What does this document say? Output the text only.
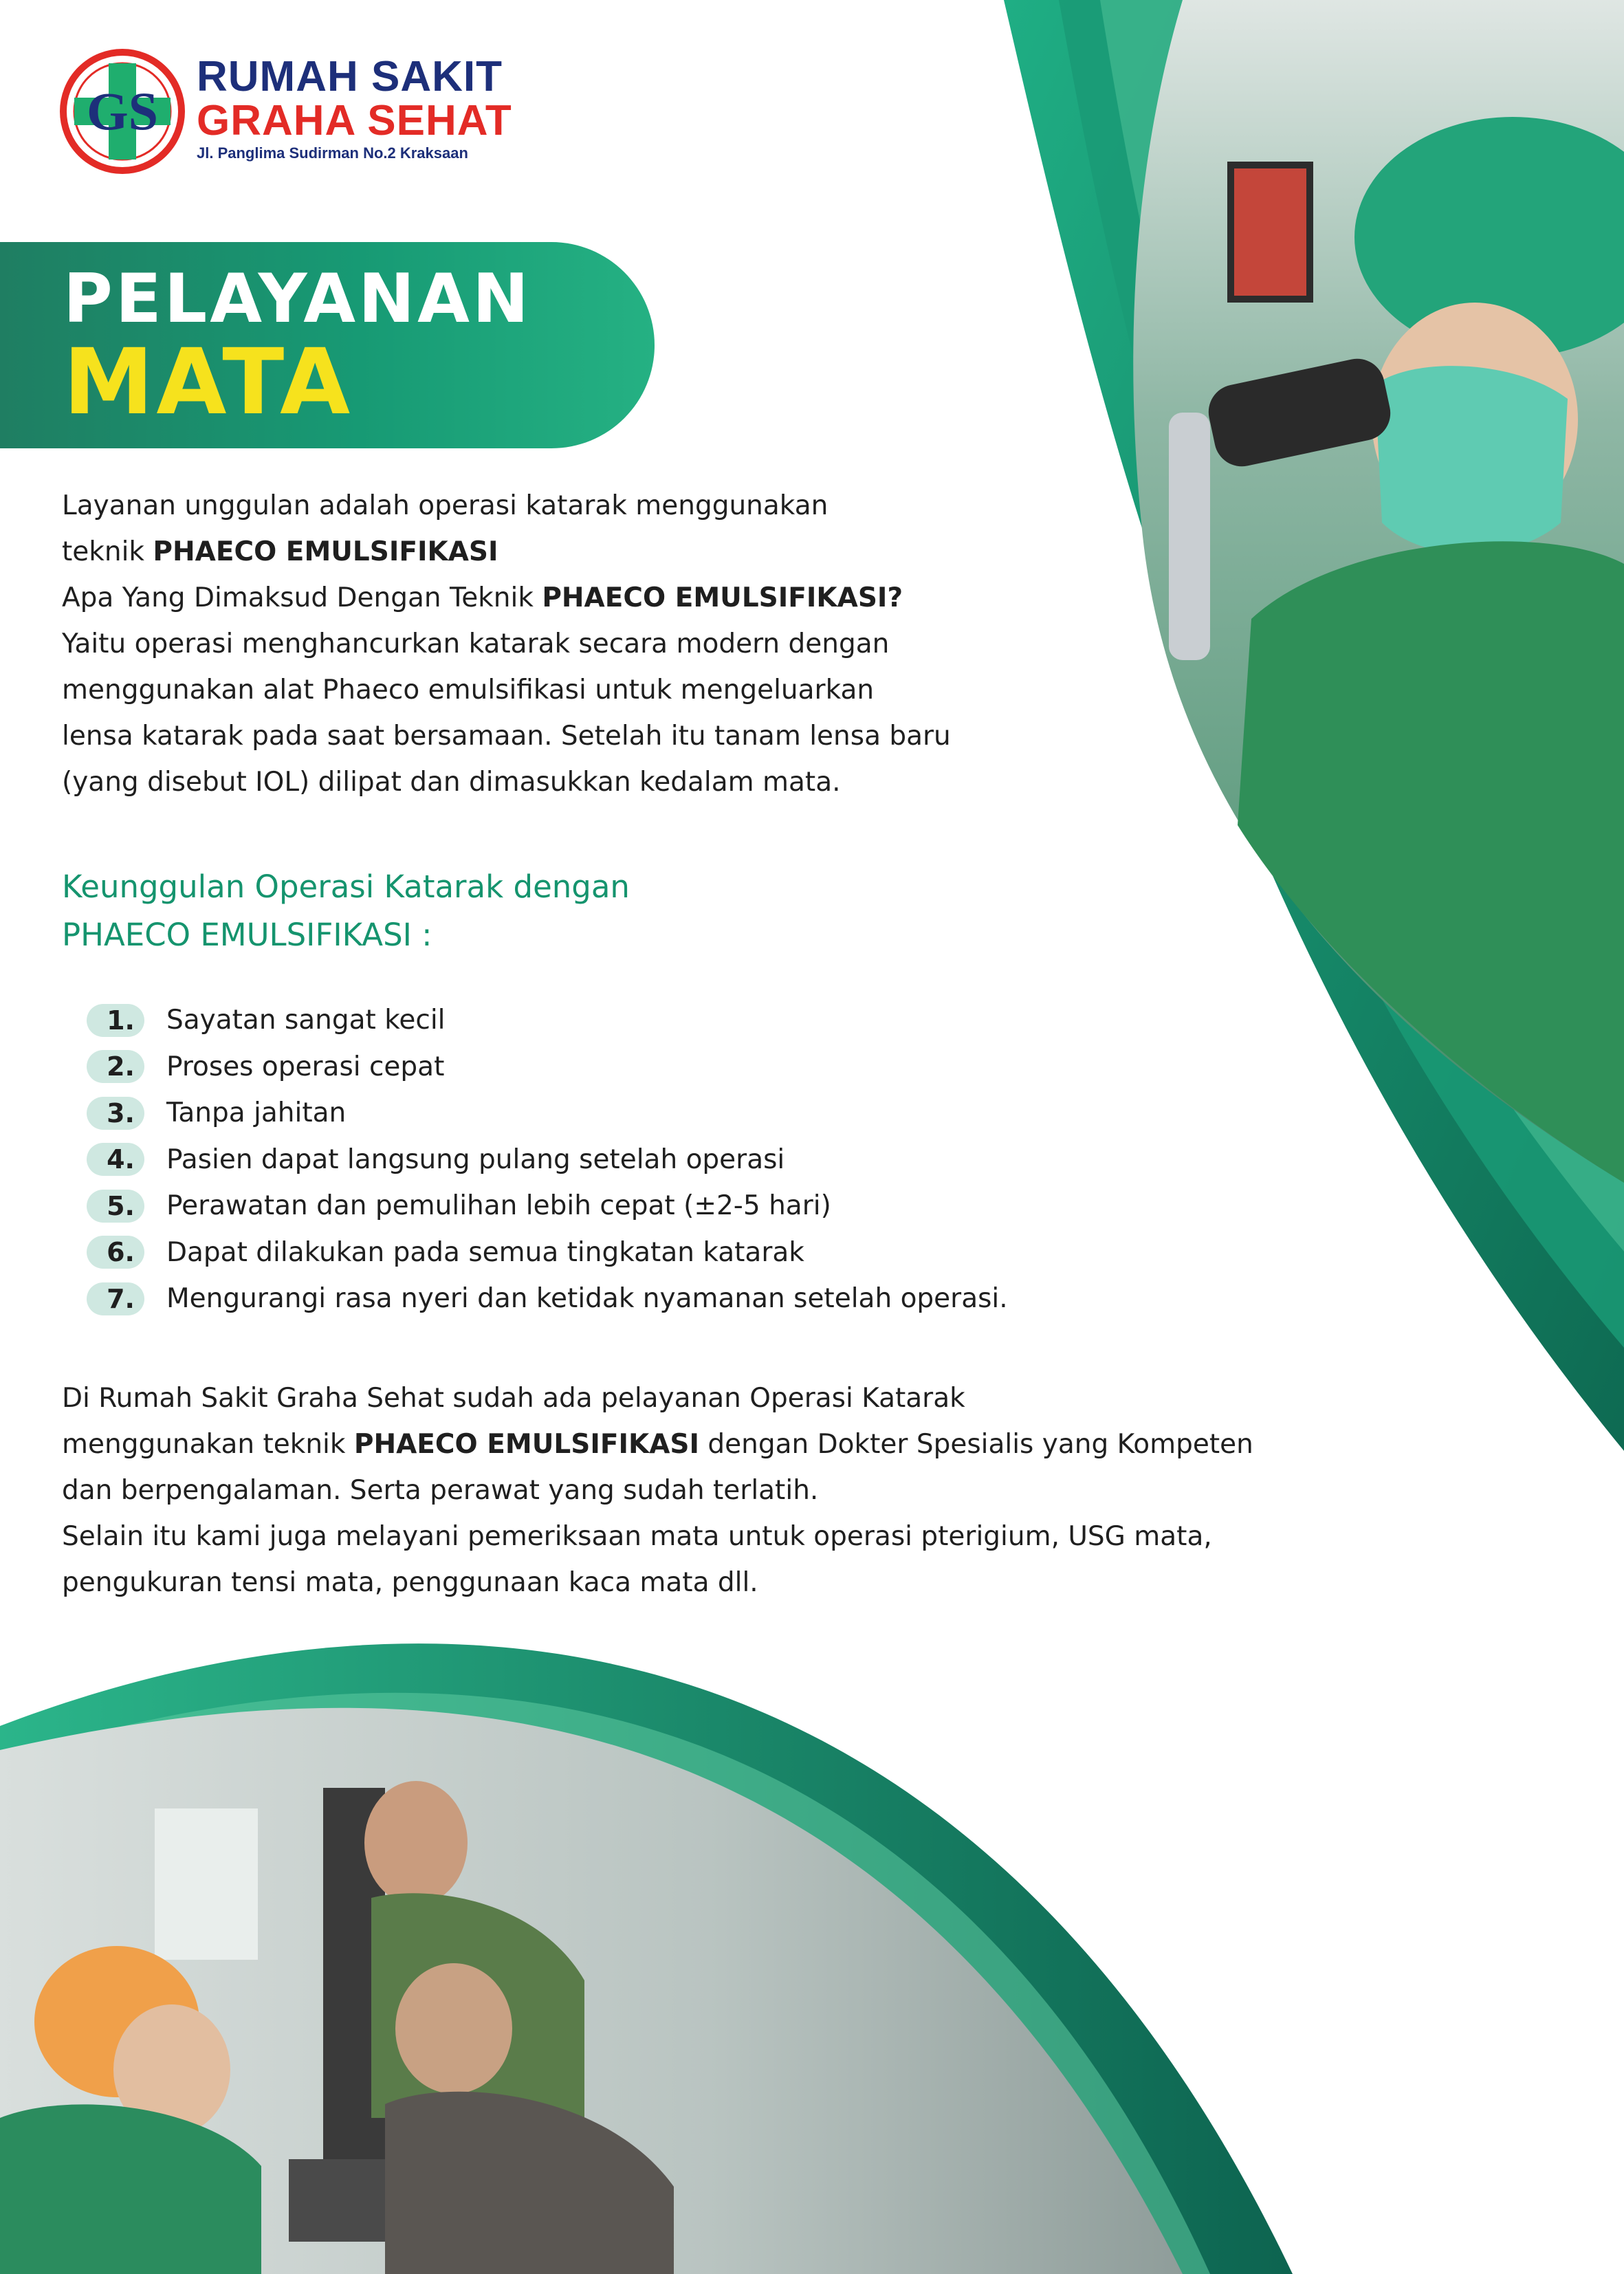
GS
RUMAH SAKIT
GRAHA SEHAT
Jl. Panglima Sudirman No.2 Kraksaan
PELAYANAN
MATA
Layanan unggulan adalah operasi katarak menggunakan
teknik PHAECO EMULSIFIKASI
Apa Yang Dimaksud Dengan Teknik PHAECO EMULSIFIKASI?
Yaitu operasi menghancurkan katarak secara modern dengan
menggunakan alat Phaeco emulsifikasi untuk mengeluarkan
lensa katarak pada saat bersamaan. Setelah itu tanam lensa baru
(yang disebut IOL) dilipat dan dimasukkan kedalam mata.
Keunggulan Operasi Katarak dengan
PHAECO EMULSIFIKASI :
1.	Sayatan sangat kecil
2.	Proses operasi cepat
3.	Tanpa jahitan
4.	Pasien dapat langsung pulang setelah operasi
5.	Perawatan dan pemulihan lebih cepat (±2-5 hari)
6.	Dapat dilakukan pada semua tingkatan katarak
7.	Mengurangi rasa nyeri dan ketidak nyamanan setelah operasi.
Di Rumah Sakit Graha Sehat sudah ada pelayanan Operasi Katarak
menggunakan teknik PHAECO EMULSIFIKASI dengan Dokter Spesialis yang Kompeten
dan berpengalaman. Serta perawat yang sudah terlatih.
Selain itu kami juga melayani pemeriksaan mata untuk operasi pterigium, USG mata,
pengukuran tensi mata, penggunaan kaca mata dll.
